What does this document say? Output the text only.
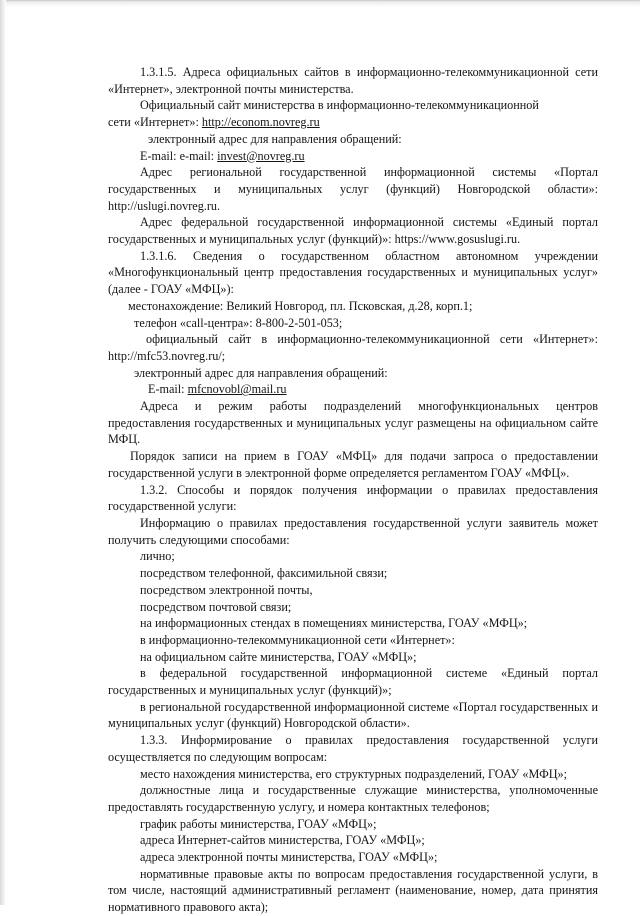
1.3.1.5. Адреса официальных сайтов в информационно-телекоммуникационной сети «Интернет», электронной почты министерства.

Официальный сайт министерства в информационно-телекоммуникационной

сети «Интернет»: http://econom.novreg.ru

электронный адрес для направления обращений:

E-mail: e-mail: invest@novreg.ru

Адрес региональной государственной информационной системы «Портал государственных и муниципальных услуг (функций) Новгородской области»: http://uslugi.novreg.ru.

Адрес федеральной государственной информационной системы «Единый портал государственных и муниципальных услуг (функций)»: https://www.gosuslugi.ru.

1.3.1.6. Сведения о государственном областном автономном учреждении «Многофункциональный центр предоставления государственных и муниципальных услуг» (далее - ГОАУ «МФЦ»):

местонахождение: Великий Новгород, пл. Псковская, д.28, корп.1;

телефон «call-центра»: 8-800-2-501-053;

официальный сайт в информационно-телекоммуникационной сети «Интернет»: http://mfc53.novreg.ru/;

электронный адрес для направления обращений:

E-mail: mfcnovobl@mail.ru

Адреса и режим работы подразделений многофункциональных центров предоставления государственных и муниципальных услуг размещены на официальном сайте МФЦ.

Порядок записи на прием в ГОАУ «МФЦ» для подачи запроса о предоставлении государственной услуги в электронной форме определяется регламентом ГОАУ «МФЦ».

1.3.2. Способы и порядок получения информации о правилах предоставления государственной услуги:

Информацию о правилах предоставления государственной услуги заявитель может получить следующими способами:

лично;

посредством телефонной, факсимильной связи;

посредством электронной почты,

посредством почтовой связи;

на информационных стендах в помещениях министерства, ГОАУ «МФЦ»;

в информационно-телекоммуникационной сети «Интернет»:

на официальном сайте министерства, ГОАУ «МФЦ»;

в федеральной государственной информационной системе «Единый портал государственных и муниципальных услуг (функций)»;

в региональной государственной информационной системе «Портал государственных и муниципальных услуг (функций) Новгородской области».

1.3.3. Информирование о правилах предоставления государственной услуги осуществляется по следующим вопросам:

место нахождения министерства, его структурных подразделений, ГОАУ «МФЦ»;

должностные лица и государственные служащие министерства, уполномоченные предоставлять государственную услугу, и номера контактных телефонов;

график работы министерства, ГОАУ «МФЦ»;

адреса Интернет-сайтов министерства, ГОАУ «МФЦ»;

адреса электронной почты министерства, ГОАУ «МФЦ»;

нормативные правовые акты по вопросам предоставления государственной услуги, в том числе, настоящий административный регламент (наименование, номер, дата принятия нормативного правового акта);
